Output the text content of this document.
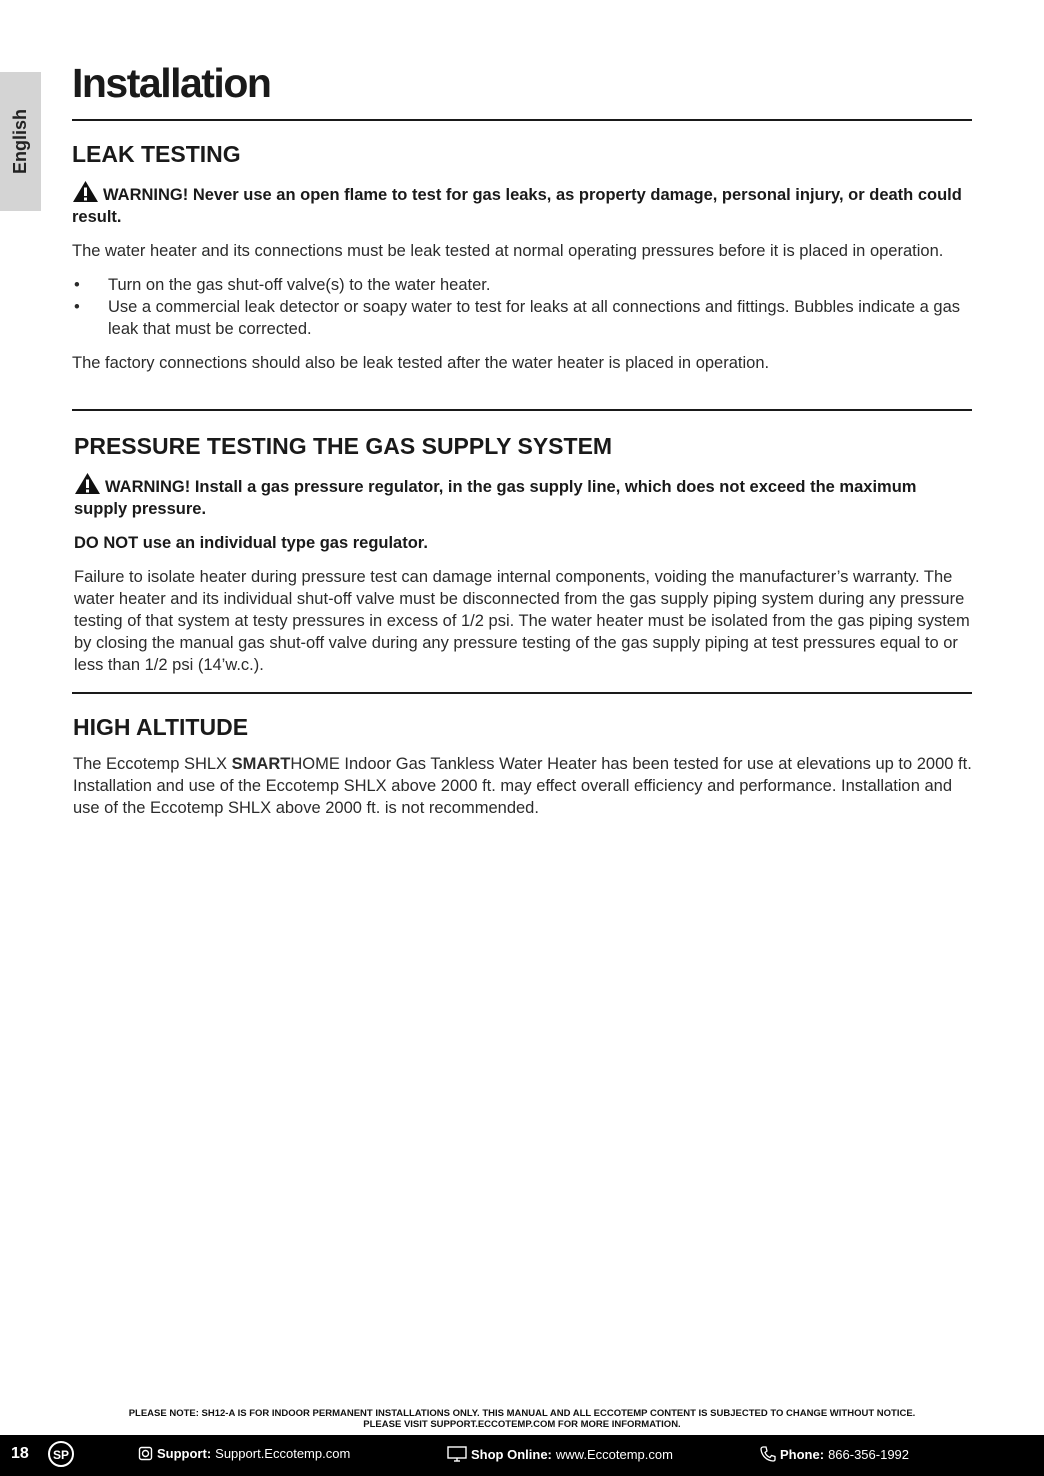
English
Installation
LEAK TESTING

WARNING! Never use an open flame to test for gas leaks, as property damage, personal injury, or death could result.

The water heater and its connections must be leak tested at normal operating pressures before it is placed in operation.

• Turn on the gas shut-off valve(s) to the water heater.
• Use a commercial leak detector or soapy water to test for leaks at all connections and fittings. Bubbles indicate a gas leak that must be corrected.

The factory connections should also be leak tested after the water heater is placed in operation.

PRESSURE TESTING THE GAS SUPPLY SYSTEM

WARNING! Install a gas pressure regulator, in the gas supply line, which does not exceed the maximum supply pressure.

DO NOT use an individual type gas regulator.

Failure to isolate heater during pressure test can damage internal components, voiding the manufacturer’s warranty. The water heater and its individual shut-off valve must be disconnected from the gas supply piping system during any pressure testing of that system at testy pressures in excess of 1/2 psi. The water heater must be isolated from the gas piping system by closing the manual gas shut-off valve during any pressure testing of the gas supply piping at test pressures equal to or less than 1/2 psi (14’w.c.).

HIGH ALTITUDE

The Eccotemp SHLX SMARTHOME Indoor Gas Tankless Water Heater has been tested for use at elevations up to 2000 ft. Installation and use of the Eccotemp SHLX above 2000 ft. may effect overall efficiency and performance. Installation and use of the Eccotemp SHLX above 2000 ft. is not recommended.

PLEASE NOTE: SH12-A IS FOR INDOOR PERMANENT INSTALLATIONS ONLY. THIS MANUAL AND ALL ECCOTEMP CONTENT IS SUBJECTED TO CHANGE WITHOUT NOTICE.
PLEASE VISIT SUPPORT.ECCOTEMP.COM FOR MORE INFORMATION.
18 SP	Support: Support.Eccotemp.com	Shop Online: www.Eccotemp.com	Phone: 866-356-1992
